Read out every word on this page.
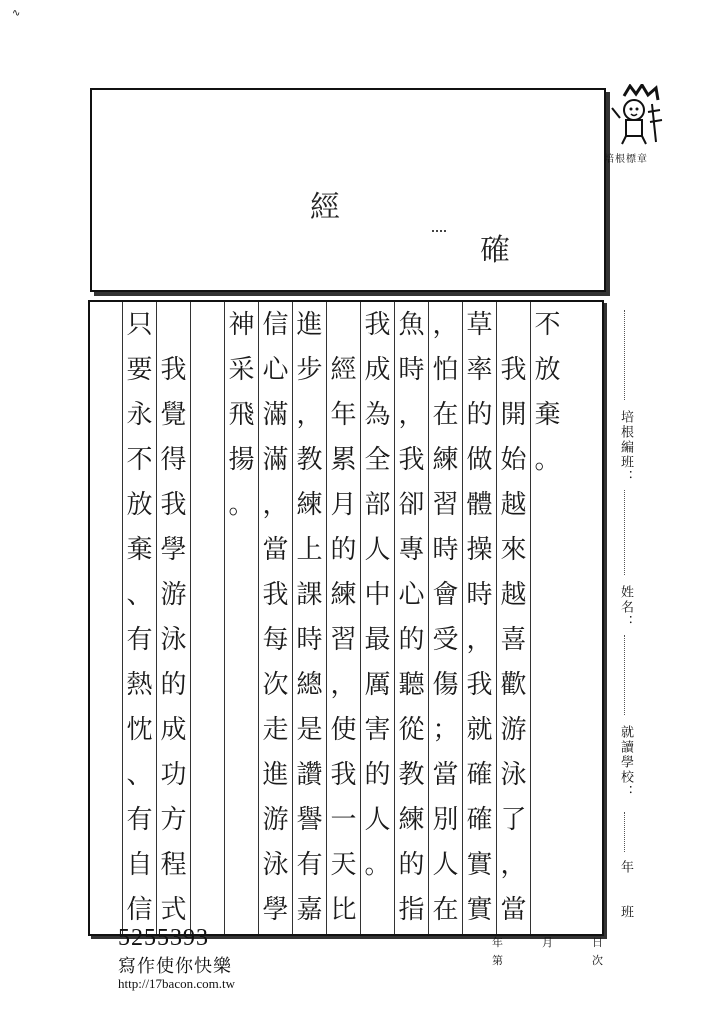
∿
經
確
培根標章
不
放
棄
。
我
開
始
越
來
越
喜
歡
游
泳
了
，
當
草
率
的
做
體
操
時
，
我
就
確
確
實
實
，
怕
在
練
習
時
會
受
傷
；
當
別
人
在
魚
時
，
我
卻
專
心
的
聽
從
教
練
的
指
我
成
為
全
部
人
中
最
厲
害
的
人
。
經
年
累
月
的
練
習
，
使
我
一
天
比
進
步
，
教
練
上
課
時
總
是
讚
譽
有
嘉
信
心
滿
滿
，
當
我
每
次
走
進
游
泳
學
神
采
飛
揚
。
我
覺
得
我
學
游
泳
的
成
功
方
程
式
只
要
永
不
放
棄
、
有
熱
忱
、
有
自
信
培根編班：
姓名：
就讀學校：
年
班
年	月	日
第	次
5255393
寫作使你快樂
http://17bacon.com.tw
